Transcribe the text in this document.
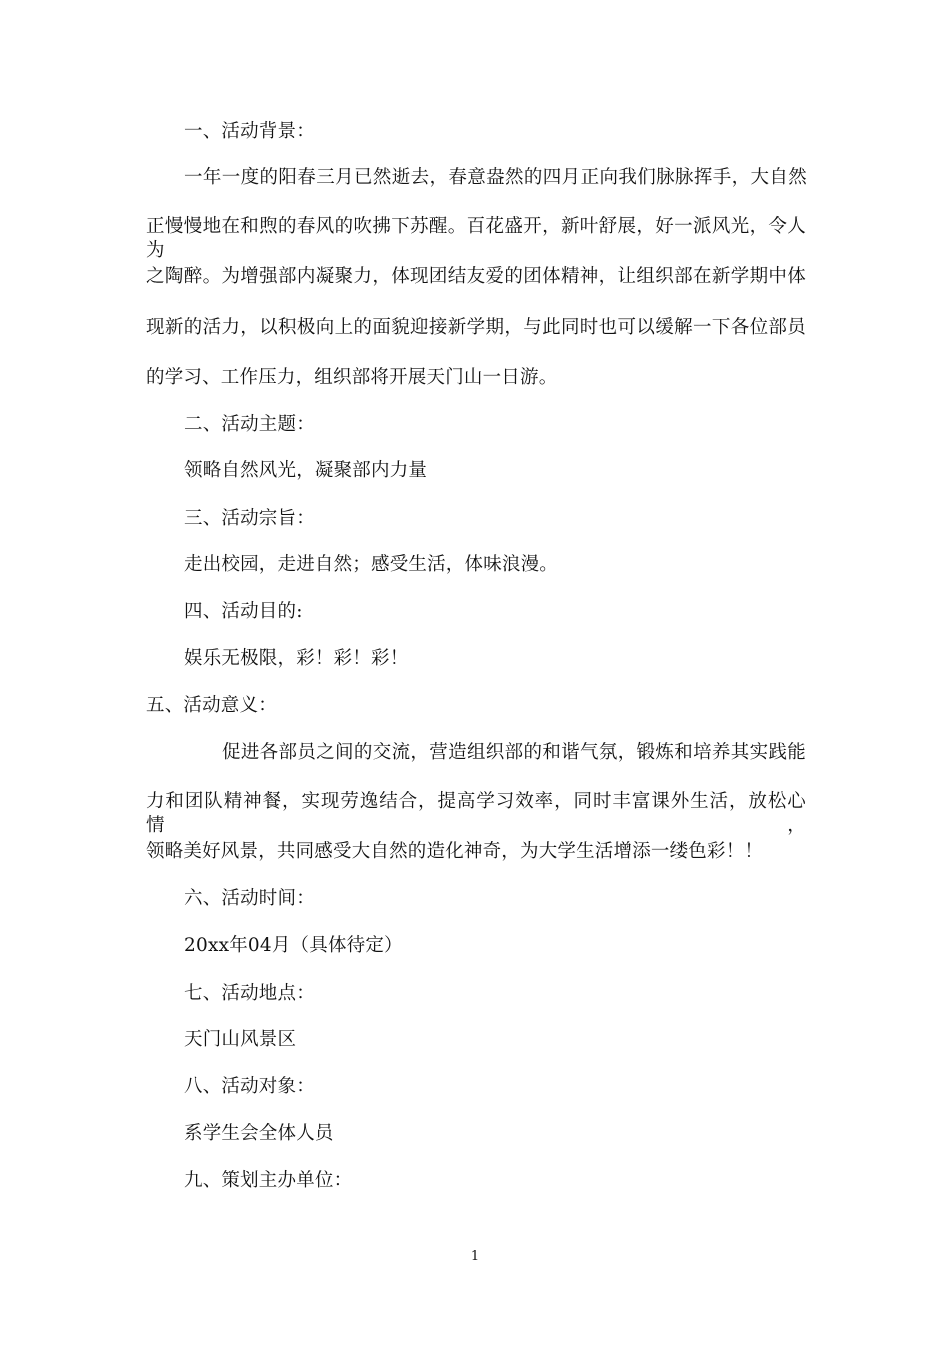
一、活动背景：
一年一度的阳春三月已然逝去，春意盎然的四月正向我们脉脉挥手，大自然
正慢慢地在和煦的春风的吹拂下苏醒。百花盛开，新叶舒展，好一派风光，令人为
之陶醉。为增强部内凝聚力，体现团结友爱的团体精神，让组织部在新学期中体
现新的活力，以积极向上的面貌迎接新学期，与此同时也可以缓解一下各位部员
的学习、工作压力，组织部将开展天门山一日游。
二、活动主题：
领略自然风光，凝聚部内力量
三、活动宗旨：
走出校园，走进自然；感受生活，体味浪漫。
四、活动目的:
娱乐无极限，彩！彩！彩！
五、活动意义：
促进各部员之间的交流，营造组织部的和谐气氛，锻炼和培养其实践能
力和团队精神餐，实现劳逸结合，提高学习效率，同时丰富课外生活，放松心情，
领略美好风景，共同感受大自然的造化神奇，为大学生活增添一缕色彩！！
六、活动时间：
20xx年04月（具体待定）
七、活动地点：
天门山风景区
八、活动对象：
系学生会全体人员
九、策划主办单位：
1
